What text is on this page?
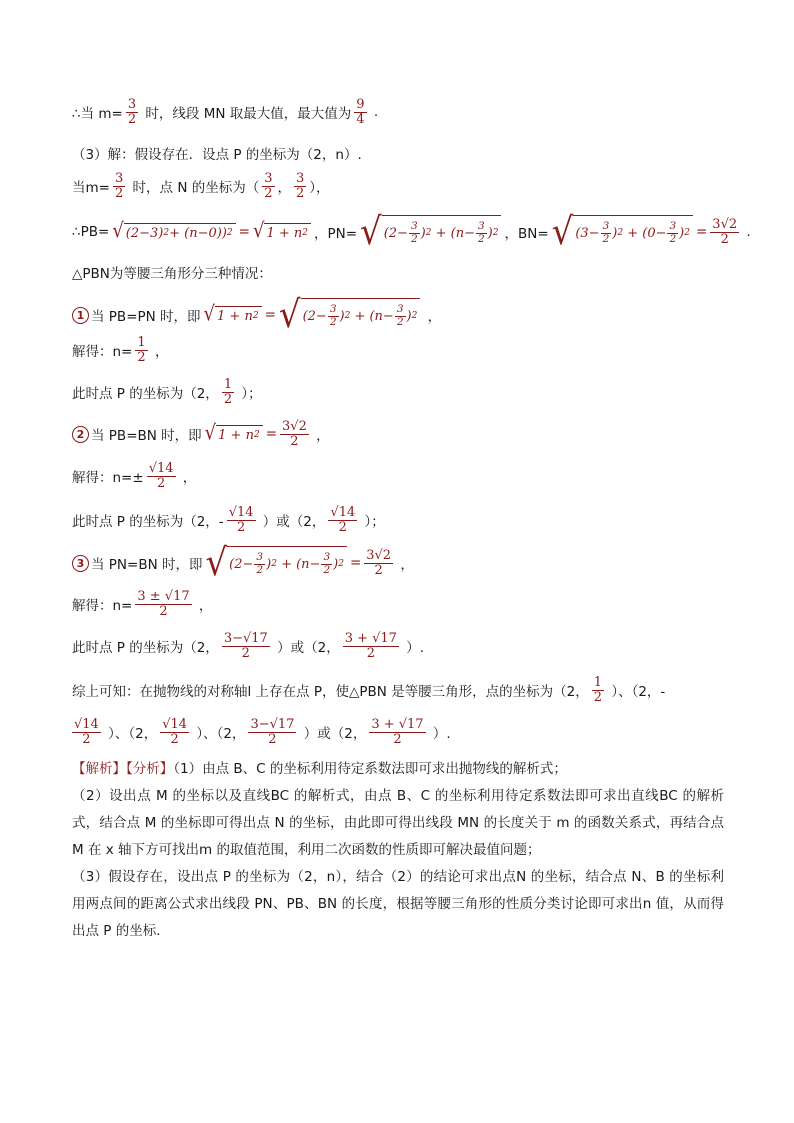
∴当 $m= \frac{3}{2}$ 时，线段 MN 取最大值，最大值为 $\frac{9}{4}$ .
（3）解：假设存在．设点 P 的坐标为（2，n）.
当$m= \frac{3}{2}$ 时，点 N 的坐标为（ $\frac{3}{2}$ ， $\frac{3}{2}$ ），
∴PB= √ (2−3) 2 + (n−0) ) 2 = √ 1 + n 2 ，PN= √ ($2- \frac{3}{2}$ ) 2
+ ($n- \frac{3}{2}$ ) 2 ，BN= √ ($3- \frac{3}{2}$ ) 2
+ ($0- \frac{3}{2}$ ) $2 = \frac{3√2}{2}$ .
△PBN为等腰三角形分三种情况：
1 当 PB=PN 时，即 √ 1 + n 2 = √ ($2- \frac{3}{2}$ ) 2
+ ($n- \frac{3}{2}$ ) 2 ，
解得：$n= \frac{1}{2}$ ，
此时点 P 的坐标为（2， $\frac{1}{2}$ ）；
2 当 PB=BN 时，即 √ 1 + n $2 = \frac{3√2}{2}$ ，
解得：$n=\pm \frac{√14}{2}$ ，
此时点 P 的坐标为（2，- $\frac{√14}{2}$ ）或（2， $\frac{√14}{2}$ ）；
3 当 PN=BN 时，即 √ ($2- \frac{3}{2}$ ) 2
+ ($n- \frac{3}{2}$ ) $2 = \frac{3√2}{2}$ ，
解得：$n= \frac{3 \pm √17}{2}$ ，
此时点 P 的坐标为（2， $\frac{3-√17}{2}$ ）或（2， $\frac{3 + √17}{2}$ ）.
综上可知：在抛物线的对称轴l 上存在点 P，使△PBN 是等腰三角形，点的坐标为（2， $\frac{1}{2}$ ）、（2，-
$\frac{√14}{2}$ ）、（2， $\frac{√14}{2}$ ）、（2， $\frac{3-√17}{2}$ ）或（2， $\frac{3 + √17}{2}$ ）.
【解析】【分析】（1）由点 B、C 的坐标利用待定系数法即可求出抛物线的解析式；
（2）设出点 M 的坐标以及直线BC 的解析式，由点 B、C 的坐标利用待定系数法即可求出直线BC 的解析式，结合点 M 的坐标即可得出点 N 的坐标，由此即可得出线段 MN 的长度关于 m 的函数关系式，再结合点 M 在 x 轴下方可找出m 的取值范围，利用二次函数的性质即可解决最值问题；
（3）假设存在，设出点 P 的坐标为（2，n），结合（2）的结论可求出点N 的坐标，结合点 N、B 的坐标利用两点间的距离公式求出线段 PN、PB、BN 的长度，根据等腰三角形的性质分类讨论即可求出n 值，从而得出点 P 的坐标．
